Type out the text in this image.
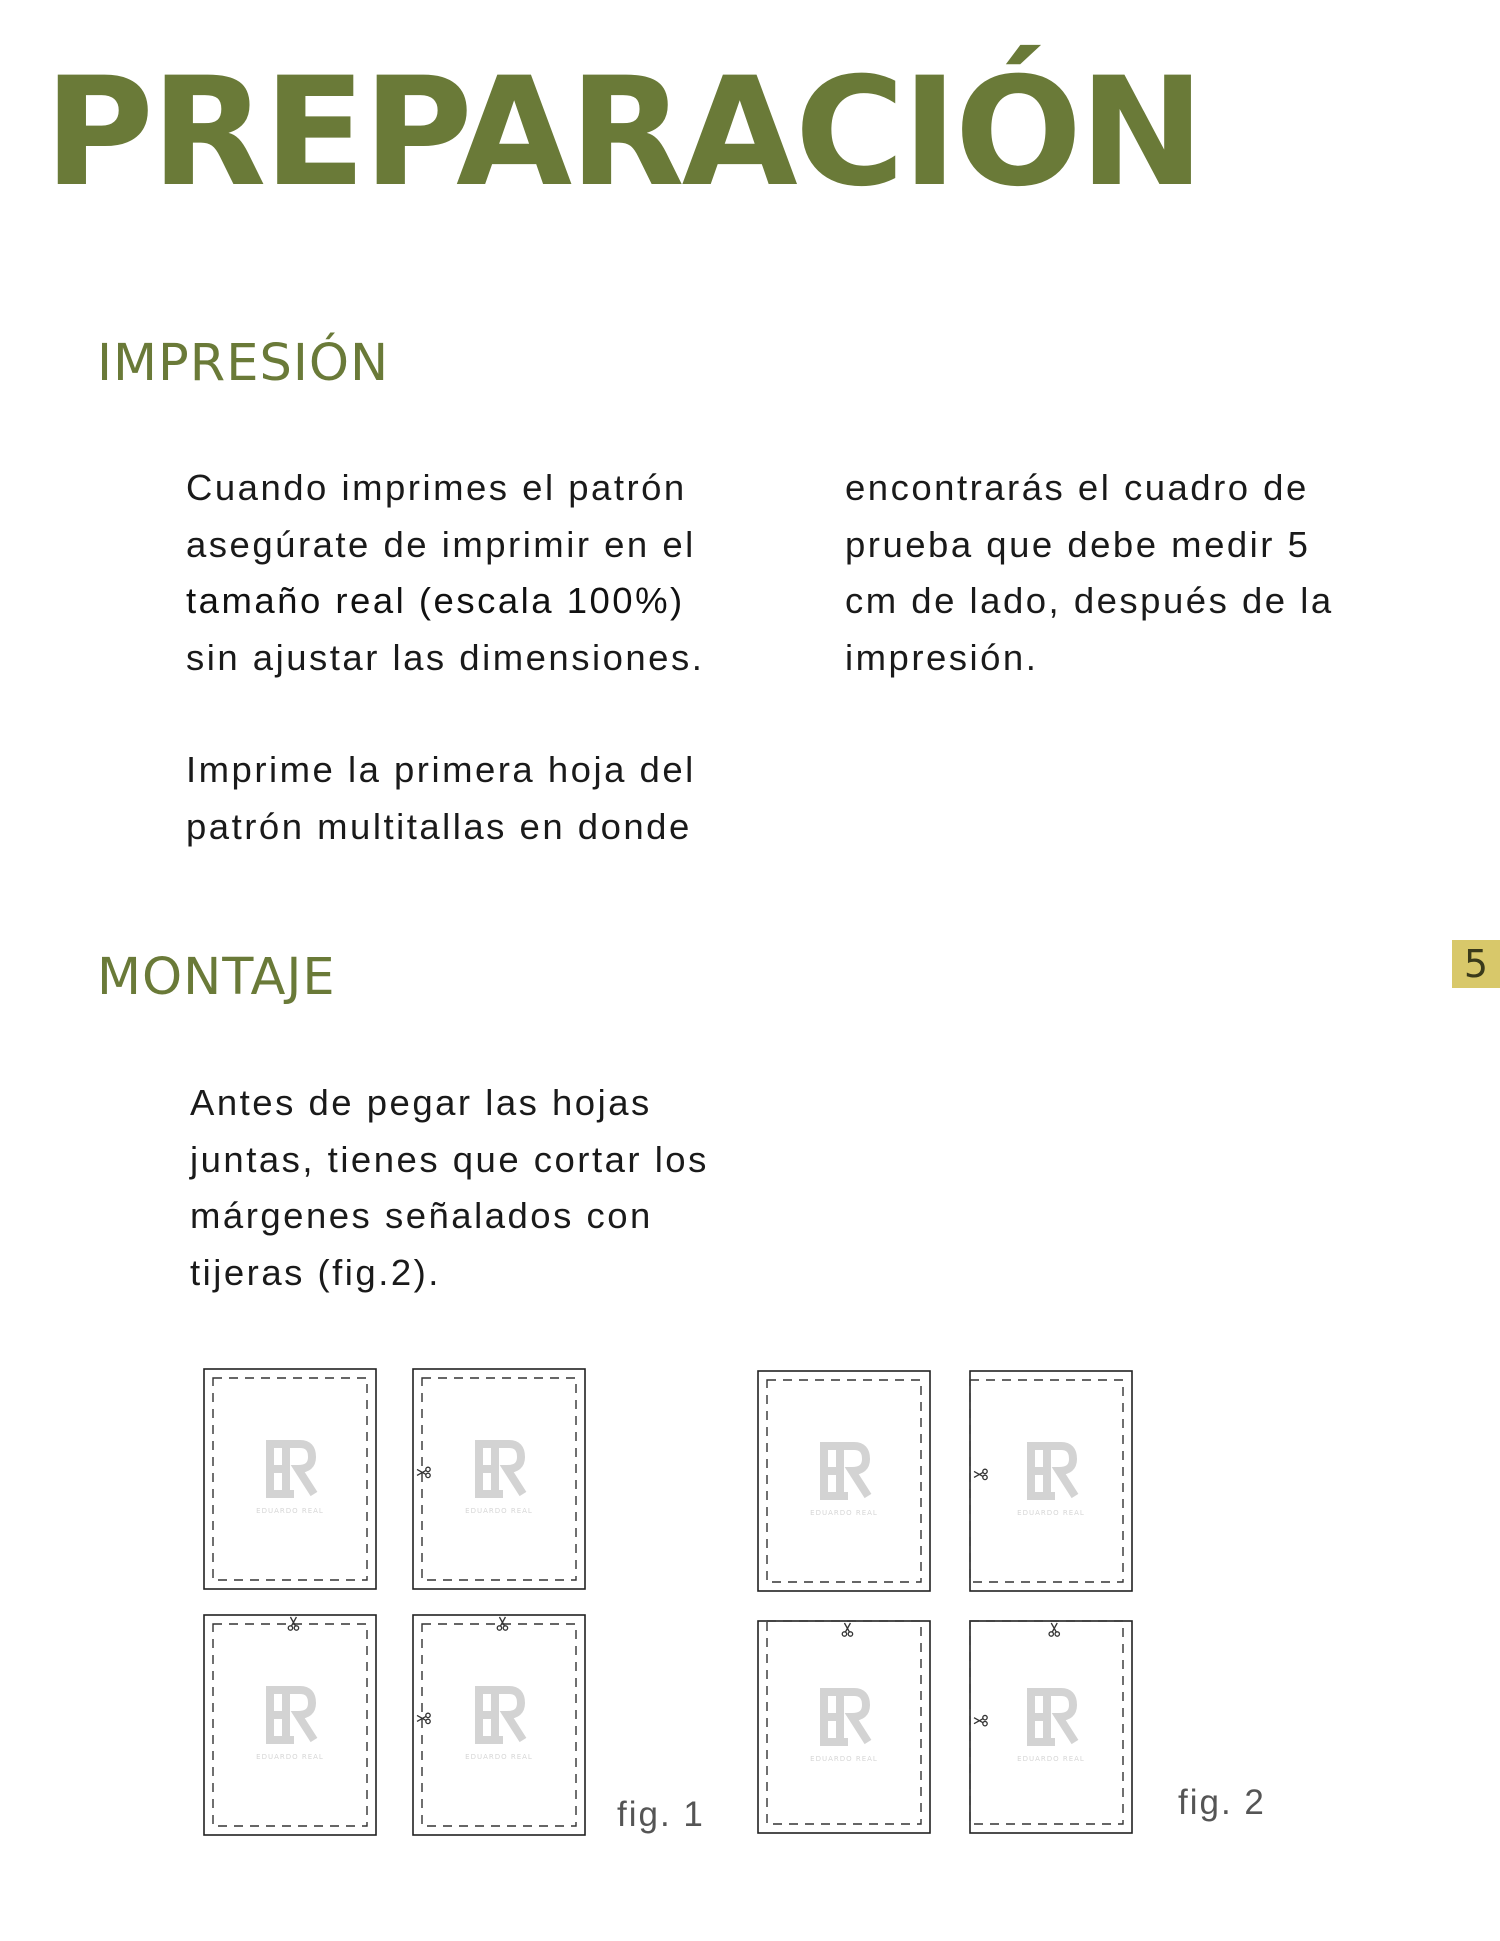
PREPARACIÓN
IMPRESIÓN
Cuando imprimes el patrón
asegúrate de imprimir en el
tamaño real (escala 100%)
sin ajustar las dimensiones.
Imprime la primera hoja del
patrón multitallas en donde
encontrarás el cuadro de
prueba que debe medir 5
cm de lado, después de la
impresión.
5
MONTAJE
Antes de pegar las hojas
juntas, tienes que cortar los
márgenes señalados con
tijeras (fig.2).
EDUARDO REAL	EDUARDO REAL
EDUARDO REAL	EDUARDO REAL
fig. 1
EDUARDO REAL	EDUARDO REAL
EDUARDO REAL	EDUARDO REAL
fig. 2
